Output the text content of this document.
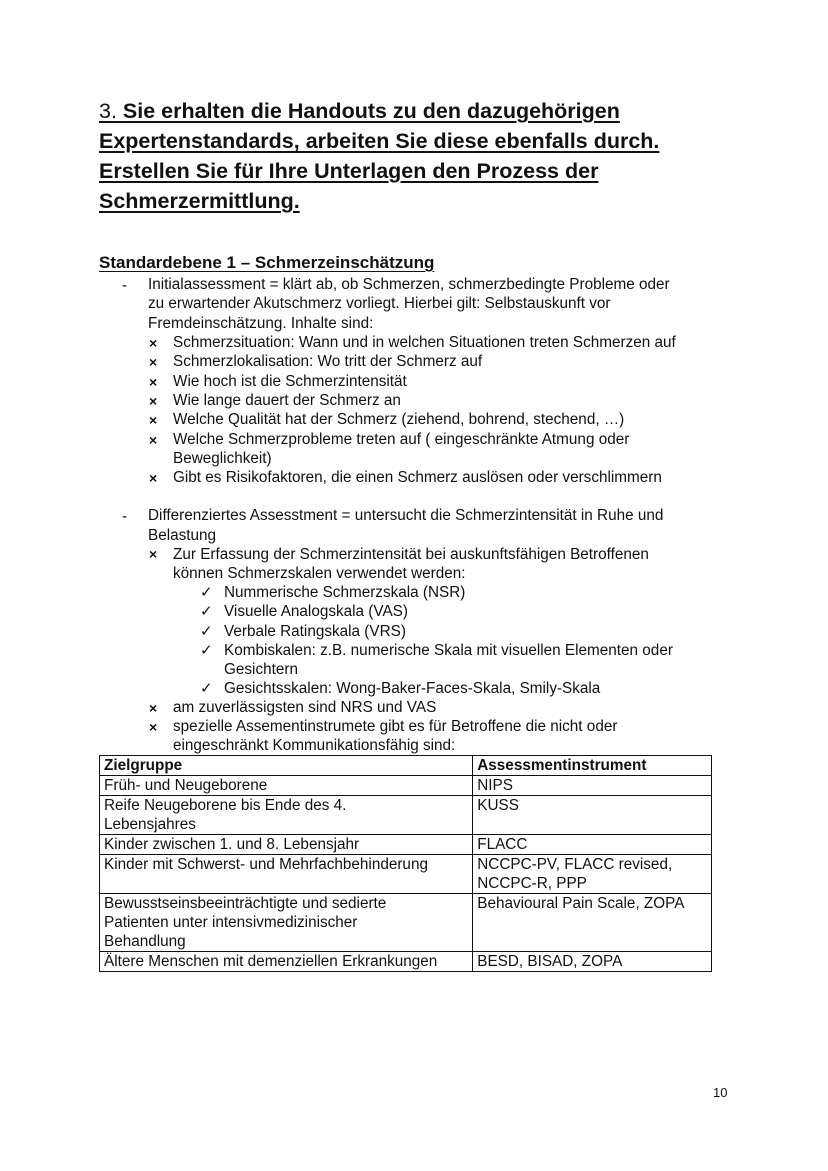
3. Sie erhalten die Handouts zu den dazugehörigen
Expertenstandards, arbeiten Sie diese ebenfalls durch.
Erstellen Sie für Ihre Unterlagen den Prozess der
Schmerzermittlung.
Standardebene 1 – Schmerzeinschätzung
- Initialassessment = klärt ab, ob Schmerzen, schmerzbedingte Probleme oder
zu erwartender Akutschmerz vorliegt. Hierbei gilt: Selbstauskunft vor
Fremdeinschätzung. Inhalte sind:
× Schmerzsituation: Wann und in welchen Situationen treten Schmerzen auf
× Schmerzlokalisation: Wo tritt der Schmerz auf
× Wie hoch ist die Schmerzintensität
× Wie lange dauert der Schmerz an
× Welche Qualität hat der Schmerz (ziehend, bohrend, stechend, …)
× Welche Schmerzprobleme treten auf ( eingeschränkte Atmung oder
Beweglichkeit)
× Gibt es Risikofaktoren, die einen Schmerz auslösen oder verschlimmern
- Differenziertes Assesstment = untersucht die Schmerzintensität in Ruhe und
Belastung
× Zur Erfassung der Schmerzintensität bei auskunftsfähigen Betroffenen
können Schmerzskalen verwendet werden:
✓ Nummerische Schmerzskala (NSR)
✓ Visuelle Analogskala (VAS)
✓ Verbale Ratingskala (VRS)
✓ Kombiskalen: z.B. numerische Skala mit visuellen Elementen oder
Gesichtern
✓ Gesichtsskalen: Wong-Baker-Faces-Skala, Smily-Skala
× am zuverlässigsten sind NRS und VAS
× spezielle Assementinstrumete gibt es für Betroffene die nicht oder
eingeschränkt Kommunikationsfähig sind:
Zielgruppe	Assessmentinstrument
Früh- und Neugeborene	NIPS
Reife Neugeborene bis Ende des 4.
Lebensjahres	KUSS
Kinder zwischen 1. und 8. Lebensjahr	FLACC
Kinder mit Schwerst- und Mehrfachbehinderung	NCCPC-PV, FLACC revised,
NCCPC-R, PPP
Bewusstseinsbeeinträchtigte und sedierte
Patienten unter intensivmedizinischer
Behandlung	Behavioural Pain Scale, ZOPA
Ältere Menschen mit demenziellen Erkrankungen	BESD, BISAD, ZOPA
10
